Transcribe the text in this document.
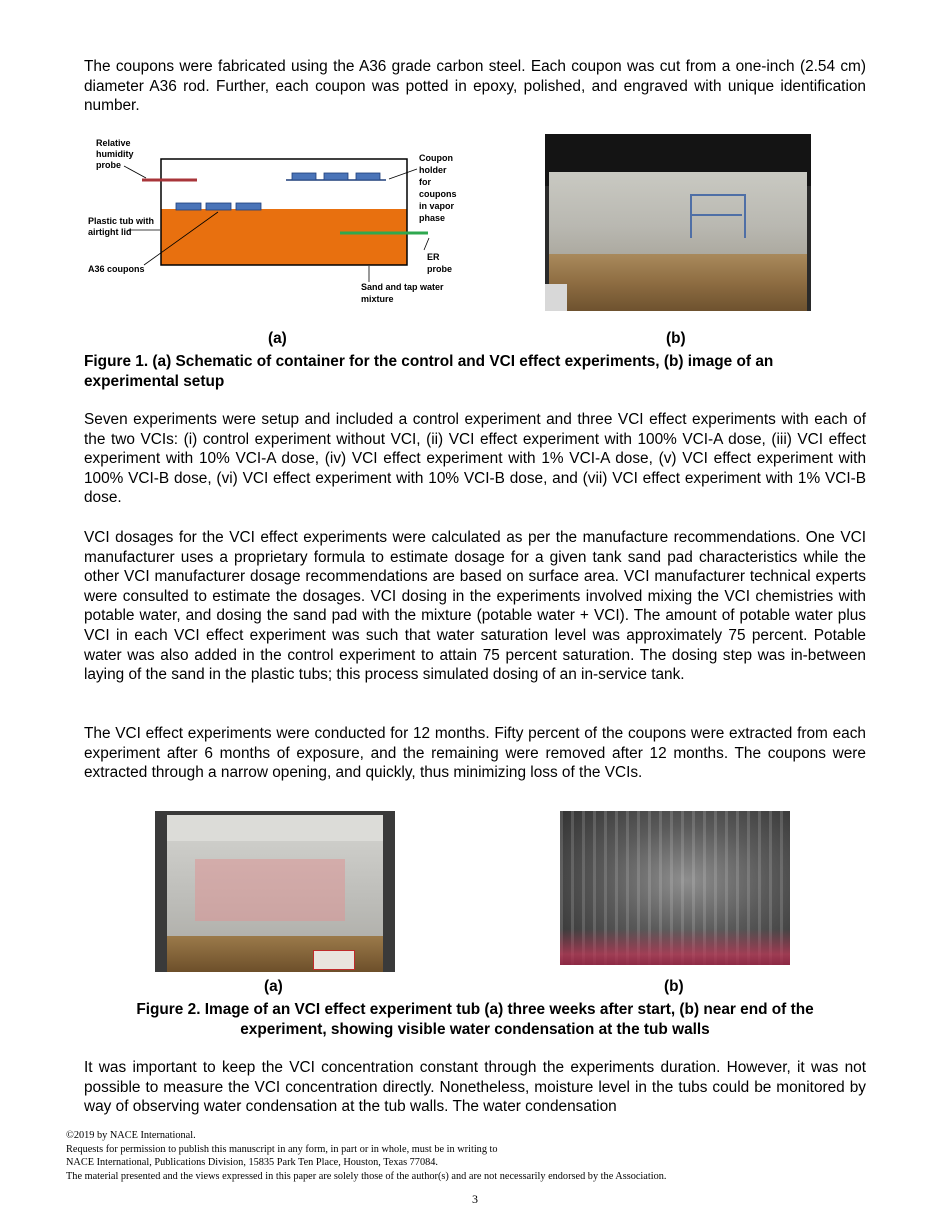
The coupons were fabricated using the A36 grade carbon steel. Each coupon was cut from a one-inch (2.54 cm) diameter A36 rod. Further, each coupon was potted in epoxy, polished, and engraved with unique identification number.

Relative humidity probe
Plastic tub with airtight lid
A36 coupons
Coupon holder for coupons in vapor phase
ER probe
Sand and tap water mixture
(a)	(b)

Figure 1. (a) Schematic of container for the control and VCI effect experiments, (b) image of an experimental setup

Seven experiments were setup and included a control experiment and three VCI effect experiments with each of the two VCIs: (i) control experiment without VCI, (ii) VCI effect experiment with 100% VCI-A dose, (iii) VCI effect experiment with 10% VCI-A dose, (iv) VCI effect experiment with 1% VCI-A dose, (v) VCI effect experiment with 100% VCI-B dose, (vi) VCI effect experiment with 10% VCI-B dose, and (vii) VCI effect experiment with 1% VCI-B dose.

VCI dosages for the VCI effect experiments were calculated as per the manufacture recommendations. One VCI manufacturer uses a proprietary formula to estimate dosage for a given tank sand pad characteristics while the other VCI manufacturer dosage recommendations are based on surface area. VCI manufacturer technical experts were consulted to estimate the dosages. VCI dosing in the experiments involved mixing the VCI chemistries with potable water, and dosing the sand pad with the mixture (potable water + VCI). The amount of potable water plus VCI in each VCI effect experiment was such that water saturation level was approximately 75 percent. Potable water was also added in the control experiment to attain 75 percent saturation. The dosing step was in-between laying of the sand in the plastic tubs; this process simulated dosing of an in-service tank.

The VCI effect experiments were conducted for 12 months. Fifty percent of the coupons were extracted from each experiment after 6 months of exposure, and the remaining were removed after 12 months. The coupons were extracted through a narrow opening, and quickly, thus minimizing loss of the VCIs.

(a)	(b)
Figure 2. Image of an VCI effect experiment tub (a) three weeks after start, (b) near end of the
experiment, showing visible water condensation at the tub walls

It was important to keep the VCI concentration constant through the experiments duration. However, it was not possible to measure the VCI concentration directly. Nonetheless, moisture level in the tubs could be monitored by way of observing water condensation at the tub walls. The water condensation

©2019 by NACE International.
Requests for permission to publish this manuscript in any form, in part or in whole, must be in writing to
NACE International, Publications Division, 15835 Park Ten Place, Houston, Texas 77084.
The material presented and the views expressed in this paper are solely those of the author(s) and are not necessarily endorsed by the Association.
3
